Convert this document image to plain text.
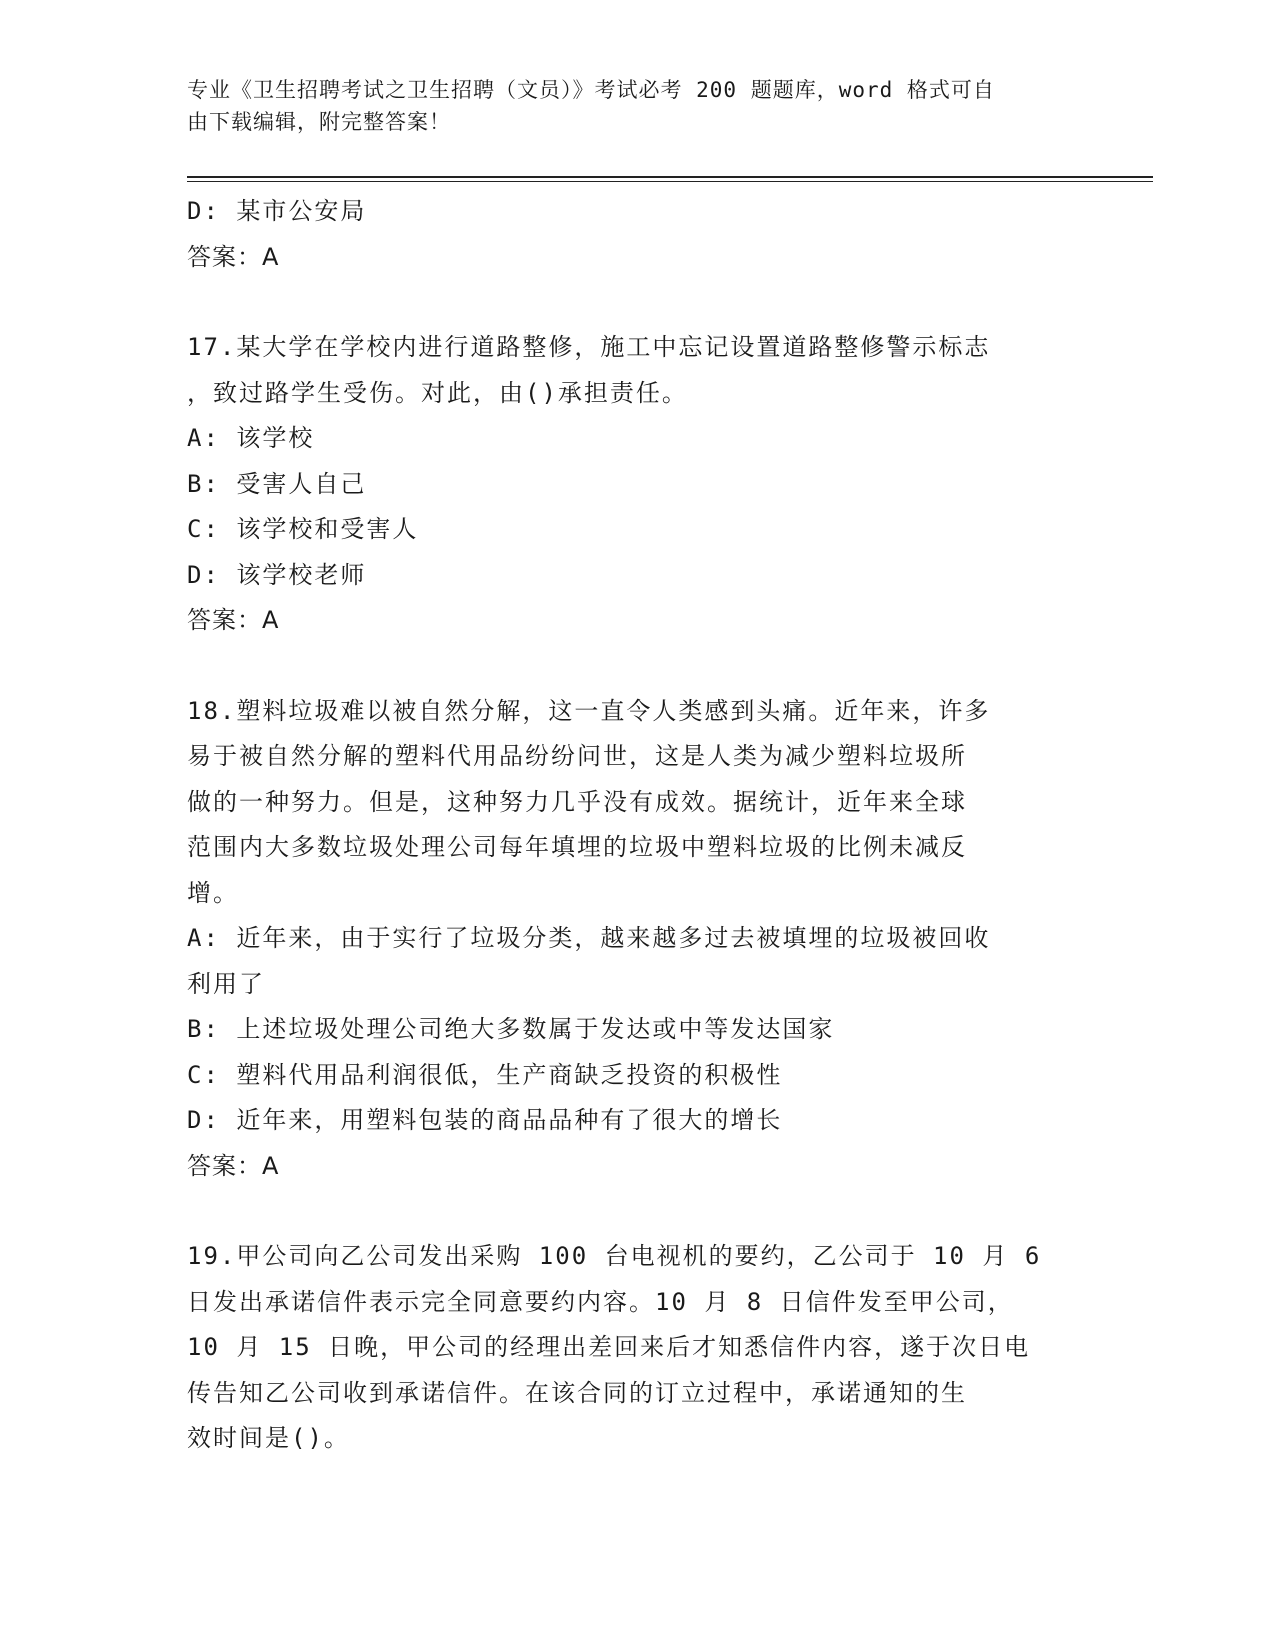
专业《卫生招聘考试之卫生招聘（文员）》考试必考 200 题题库，word 格式可自
由下载编辑，附完整答案！
D: 某市公安局
答案：A
17.某大学在学校内进行道路整修，施工中忘记设置道路整修警示标志
，致过路学生受伤。对此，由()承担责任。
A: 该学校
B: 受害人自己
C: 该学校和受害人
D: 该学校老师
答案：A
18.塑料垃圾难以被自然分解，这一直令人类感到头痛。近年来，许多
易于被自然分解的塑料代用品纷纷问世，这是人类为减少塑料垃圾所
做的一种努力。但是，这种努力几乎没有成效。据统计，近年来全球
范围内大多数垃圾处理公司每年填埋的垃圾中塑料垃圾的比例未减反
增。
A: 近年来，由于实行了垃圾分类，越来越多过去被填埋的垃圾被回收
利用了
B: 上述垃圾处理公司绝大多数属于发达或中等发达国家
C: 塑料代用品利润很低，生产商缺乏投资的积极性
D: 近年来，用塑料包装的商品品种有了很大的增长
答案：A
19.甲公司向乙公司发出采购 100 台电视机的要约，乙公司于 10 月 6
日发出承诺信件表示完全同意要约内容。10 月 8 日信件发至甲公司，
10 月 15 日晚，甲公司的经理出差回来后才知悉信件内容，遂于次日电
传告知乙公司收到承诺信件。在该合同的订立过程中，承诺通知的生
效时间是()。
